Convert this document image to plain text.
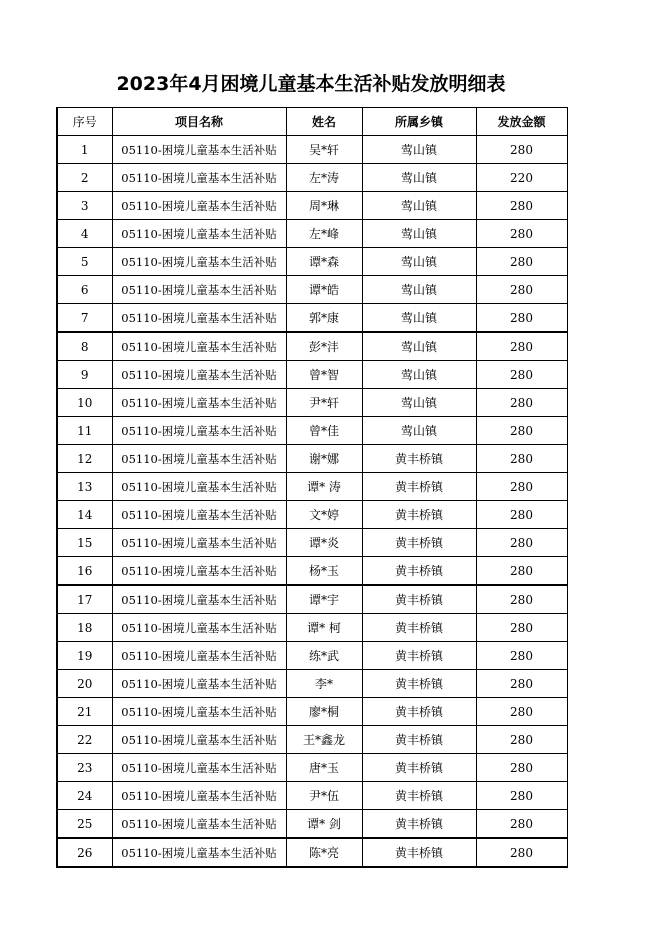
2023年4月困境儿童基本生活补贴发放明细表
序号	项目名称	姓名	所属乡镇	发放金额
1	05110-困境儿童基本生活补贴	吴*轩	莺山镇	280
2	05110-困境儿童基本生活补贴	左*涛	莺山镇	220
3	05110-困境儿童基本生活补贴	周*琳	莺山镇	280
4	05110-困境儿童基本生活补贴	左*峰	莺山镇	280
5	05110-困境儿童基本生活补贴	谭*森	莺山镇	280
6	05110-困境儿童基本生活补贴	谭*皓	莺山镇	280
7	05110-困境儿童基本生活补贴	郭*康	莺山镇	280
8	05110-困境儿童基本生活补贴	彭*沣	莺山镇	280
9	05110-困境儿童基本生活补贴	曾*智	莺山镇	280
10	05110-困境儿童基本生活补贴	尹*轩	莺山镇	280
11	05110-困境儿童基本生活补贴	曾*佳	莺山镇	280
12	05110-困境儿童基本生活补贴	谢*娜	黄丰桥镇	280
13	05110-困境儿童基本生活补贴	谭* 涛	黄丰桥镇	280
14	05110-困境儿童基本生活补贴	文*婷	黄丰桥镇	280
15	05110-困境儿童基本生活补贴	谭*炎	黄丰桥镇	280
16	05110-困境儿童基本生活补贴	杨*玉	黄丰桥镇	280
17	05110-困境儿童基本生活补贴	谭*宇	黄丰桥镇	280
18	05110-困境儿童基本生活补贴	谭* 柯	黄丰桥镇	280
19	05110-困境儿童基本生活补贴	练*武	黄丰桥镇	280
20	05110-困境儿童基本生活补贴	李*	黄丰桥镇	280
21	05110-困境儿童基本生活补贴	廖*桐	黄丰桥镇	280
22	05110-困境儿童基本生活补贴	王*鑫龙	黄丰桥镇	280
23	05110-困境儿童基本生活补贴	唐*玉	黄丰桥镇	280
24	05110-困境儿童基本生活补贴	尹*伍	黄丰桥镇	280
25	05110-困境儿童基本生活补贴	谭* 剑	黄丰桥镇	280
26	05110-困境儿童基本生活补贴	陈*亮	黄丰桥镇	280
